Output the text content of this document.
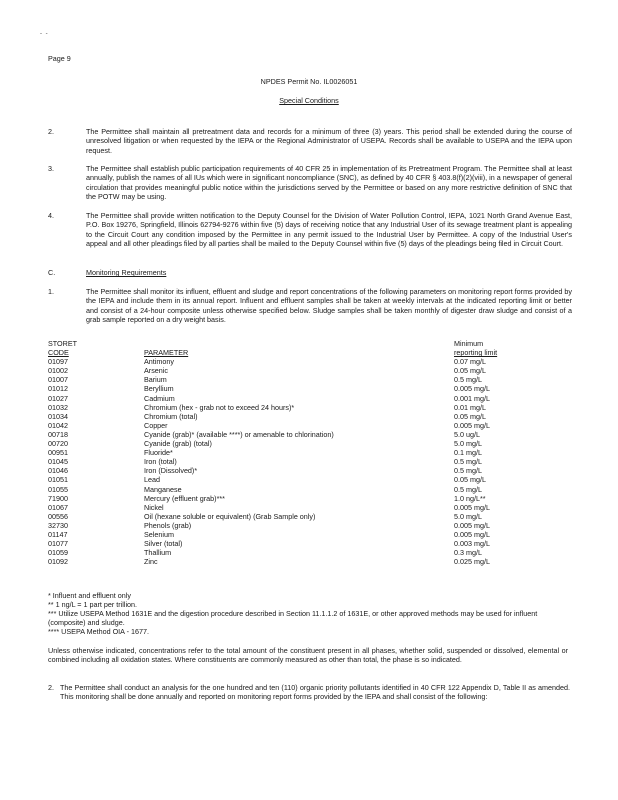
- -
Page 9
NPDES Permit No. IL0026051
Special Conditions
2.	The Permittee shall maintain all pretreatment data and records for a minimum of three (3) years. This period shall be extended during the course of unresolved litigation or when requested by the IEPA or the Regional Administrator of USEPA. Records shall be available to USEPA and the IEPA upon request.
3.	The Permittee shall establish public participation requirements of 40 CFR 25 in implementation of its Pretreatment Program. The Permittee shall at least annually, publish the names of all IUs which were in significant noncompliance (SNC), as defined by 40 CFR § 403.8(f)(2)(viii), in a newspaper of general circulation that provides meaningful public notice within the jurisdictions served by the Permittee or based on any more restrictive definition of SNC that the POTW may be using.
4.	The Permittee shall provide written notification to the Deputy Counsel for the Division of Water Pollution Control, IEPA, 1021 North Grand Avenue East, P.O. Box 19276, Springfield, Illinois 62794-9276 within five (5) days of receiving notice that any Industrial User of its sewage treatment plant is appealing to the Circuit Court any condition imposed by the Permittee in any permit issued to the Industrial User by Permittee. A copy of the Industrial User's appeal and all other pleadings filed by all parties shall be mailed to the Deputy Counsel within five (5) days of the pleadings being filed in Circuit Court.
C.	Monitoring Requirements
1.	The Permittee shall monitor its influent, effluent and sludge and report concentrations of the following parameters on monitoring report forms provided by the IEPA and include them in its annual report. Influent and effluent samples shall be taken at weekly intervals at the indicated reporting limit or better and consist of a 24-hour composite unless otherwise specified below. Sludge samples shall be taken monthly of digester draw sludge and consist of a grab sample reported on a dry weight basis.
STORET		Minimum
CODE	PARAMETER	reporting limit
01097	Antimony	0.07 mg/L
01002	Arsenic	0.05 mg/L
01007	Barium	0.5 mg/L
01012	Beryllium	0.005 mg/L
01027	Cadmium	0.001 mg/L
01032	Chromium (hex - grab not to exceed 24 hours)*	0.01 mg/L
01034	Chromium (total)	0.05 mg/L
01042	Copper	0.005 mg/L
00718	Cyanide (grab)* (available ****) or amenable to chlorination)	5.0 ug/L
00720	Cyanide (grab) (total)	5.0 mg/L
00951	Fluoride*	0.1 mg/L
01045	Iron (total)	0.5 mg/L
01046	Iron (Dissolved)*	0.5 mg/L
01051	Lead	0.05 mg/L
01055	Manganese	0.5 mg/L
71900	Mercury (effluent grab)***	1.0 ng/L**
01067	Nickel	0.005 mg/L
00556	Oil (hexane soluble or equivalent) (Grab Sample only)	5.0 mg/L
32730	Phenols (grab)	0.005 mg/L
01147	Selenium	0.005 mg/L
01077	Silver (total)	0.003 mg/L
01059	Thallium	0.3 mg/L
01092	Zinc	0.025 mg/L
* Influent and effluent only
** 1 ng/L = 1 part per trillion.
*** Utilize USEPA Method 1631E and the digestion procedure described in Section 11.1.1.2 of 1631E, or other approved methods may be used for influent (composite) and sludge.
**** USEPA Method OIA - 1677.
Unless otherwise indicated, concentrations refer to the total amount of the constituent present in all phases, whether solid, suspended or dissolved, elemental or combined including all oxidation states. Where constituents are commonly measured as other than total, the phase is so indicated.
2. The Permittee shall conduct an analysis for the one hundred and ten (110) organic priority pollutants identified in 40 CFR 122 Appendix D, Table II as amended. This monitoring shall be done annually and reported on monitoring report forms provided by the IEPA and shall consist of the following:
